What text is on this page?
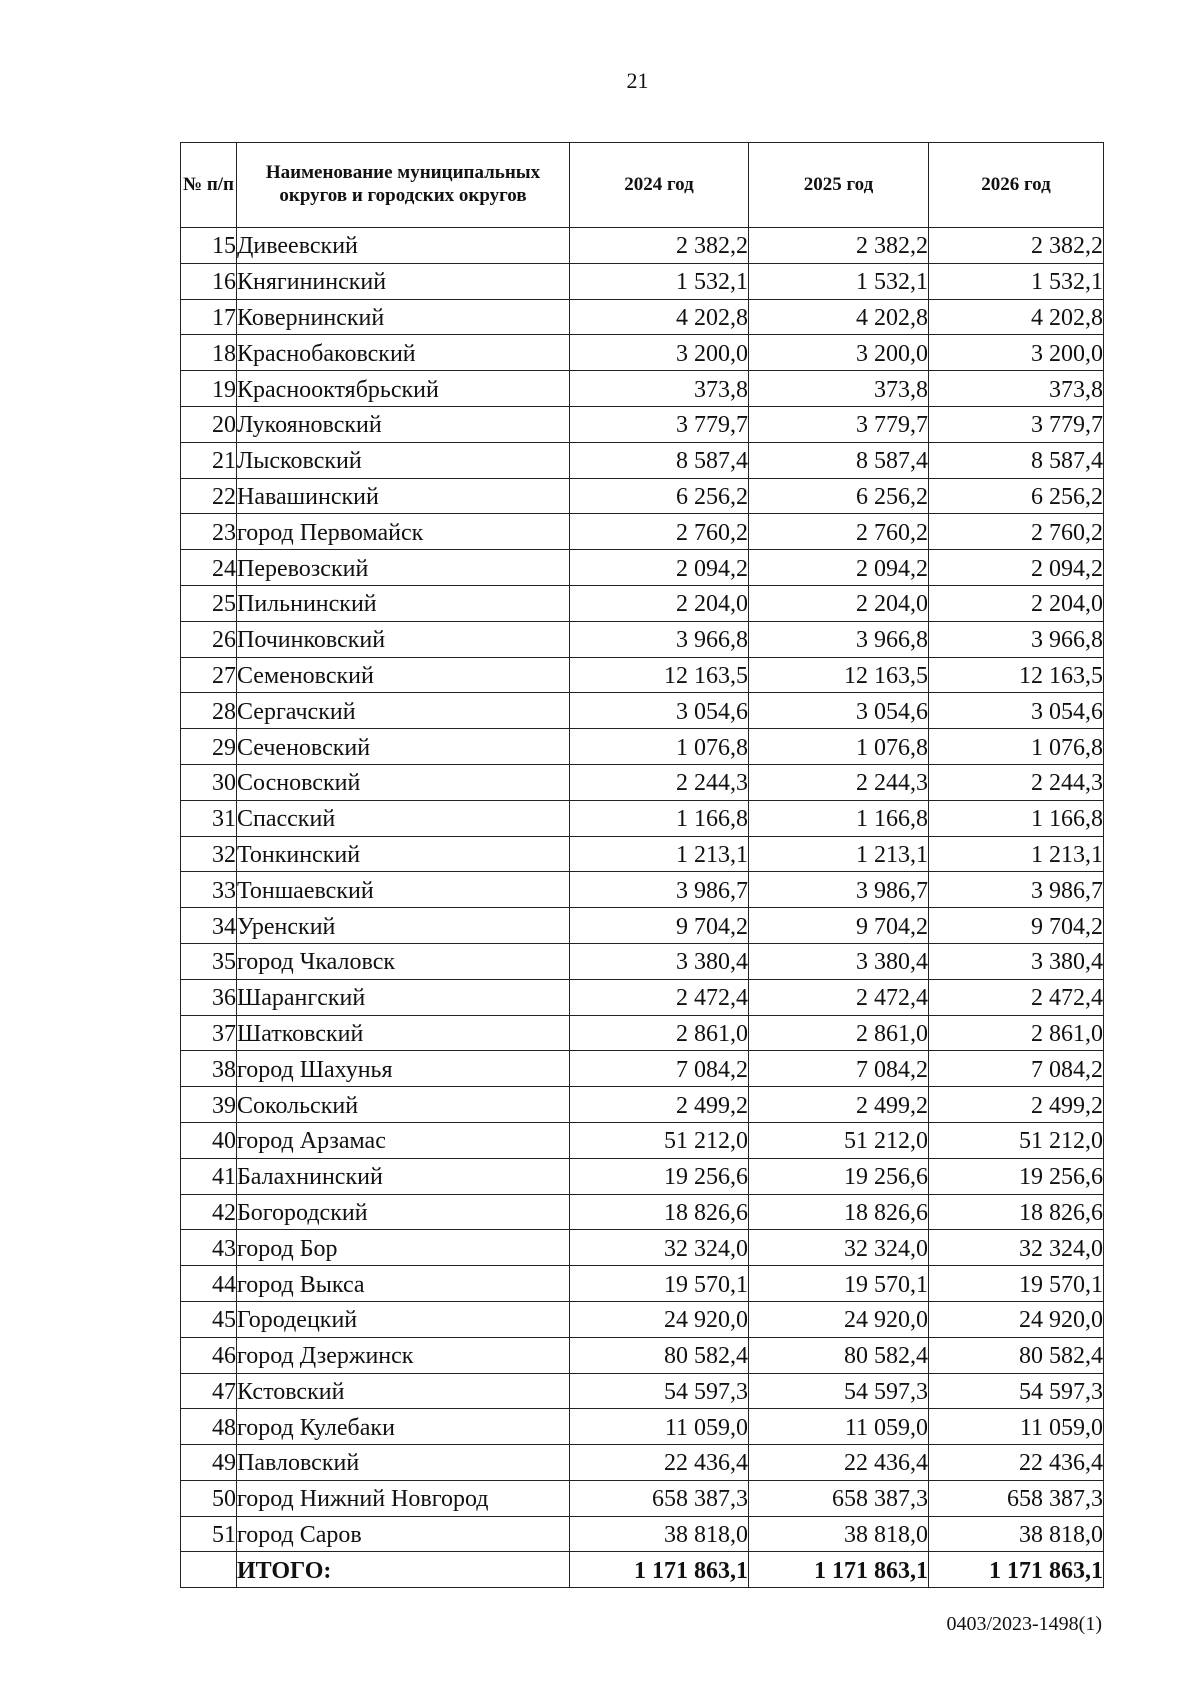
21
№ п/п	Наименование муниципальных округов и городских округов	2024 год	2025 год	2026 год
15	Дивеевский	2 382,2	2 382,2	2 382,2
16	Княгининский	1 532,1	1 532,1	1 532,1
17	Ковернинский	4 202,8	4 202,8	4 202,8
18	Краснобаковский	3 200,0	3 200,0	3 200,0
19	Краснооктябрьский	373,8	373,8	373,8
20	Лукояновский	3 779,7	3 779,7	3 779,7
21	Лысковский	8 587,4	8 587,4	8 587,4
22	Навашинский	6 256,2	6 256,2	6 256,2
23	город Первомайск	2 760,2	2 760,2	2 760,2
24	Перевозский	2 094,2	2 094,2	2 094,2
25	Пильнинский	2 204,0	2 204,0	2 204,0
26	Починковский	3 966,8	3 966,8	3 966,8
27	Семеновский	12 163,5	12 163,5	12 163,5
28	Сергачский	3 054,6	3 054,6	3 054,6
29	Сеченовский	1 076,8	1 076,8	1 076,8
30	Сосновский	2 244,3	2 244,3	2 244,3
31	Спасский	1 166,8	1 166,8	1 166,8
32	Тонкинский	1 213,1	1 213,1	1 213,1
33	Тоншаевский	3 986,7	3 986,7	3 986,7
34	Уренский	9 704,2	9 704,2	9 704,2
35	город Чкаловск	3 380,4	3 380,4	3 380,4
36	Шарангский	2 472,4	2 472,4	2 472,4
37	Шатковский	2 861,0	2 861,0	2 861,0
38	город Шахунья	7 084,2	7 084,2	7 084,2
39	Сокольский	2 499,2	2 499,2	2 499,2
40	город Арзамас	51 212,0	51 212,0	51 212,0
41	Балахнинский	19 256,6	19 256,6	19 256,6
42	Богородский	18 826,6	18 826,6	18 826,6
43	город Бор	32 324,0	32 324,0	32 324,0
44	город Выкса	19 570,1	19 570,1	19 570,1
45	Городецкий	24 920,0	24 920,0	24 920,0
46	город Дзержинск	80 582,4	80 582,4	80 582,4
47	Кстовский	54 597,3	54 597,3	54 597,3
48	город Кулебаки	11 059,0	11 059,0	11 059,0
49	Павловский	22 436,4	22 436,4	22 436,4
50	город Нижний Новгород	658 387,3	658 387,3	658 387,3
51	город Саров	38 818,0	38 818,0	38 818,0
	ИТОГО:	1 171 863,1	1 171 863,1	1 171 863,1
0403/2023-1498(1)
